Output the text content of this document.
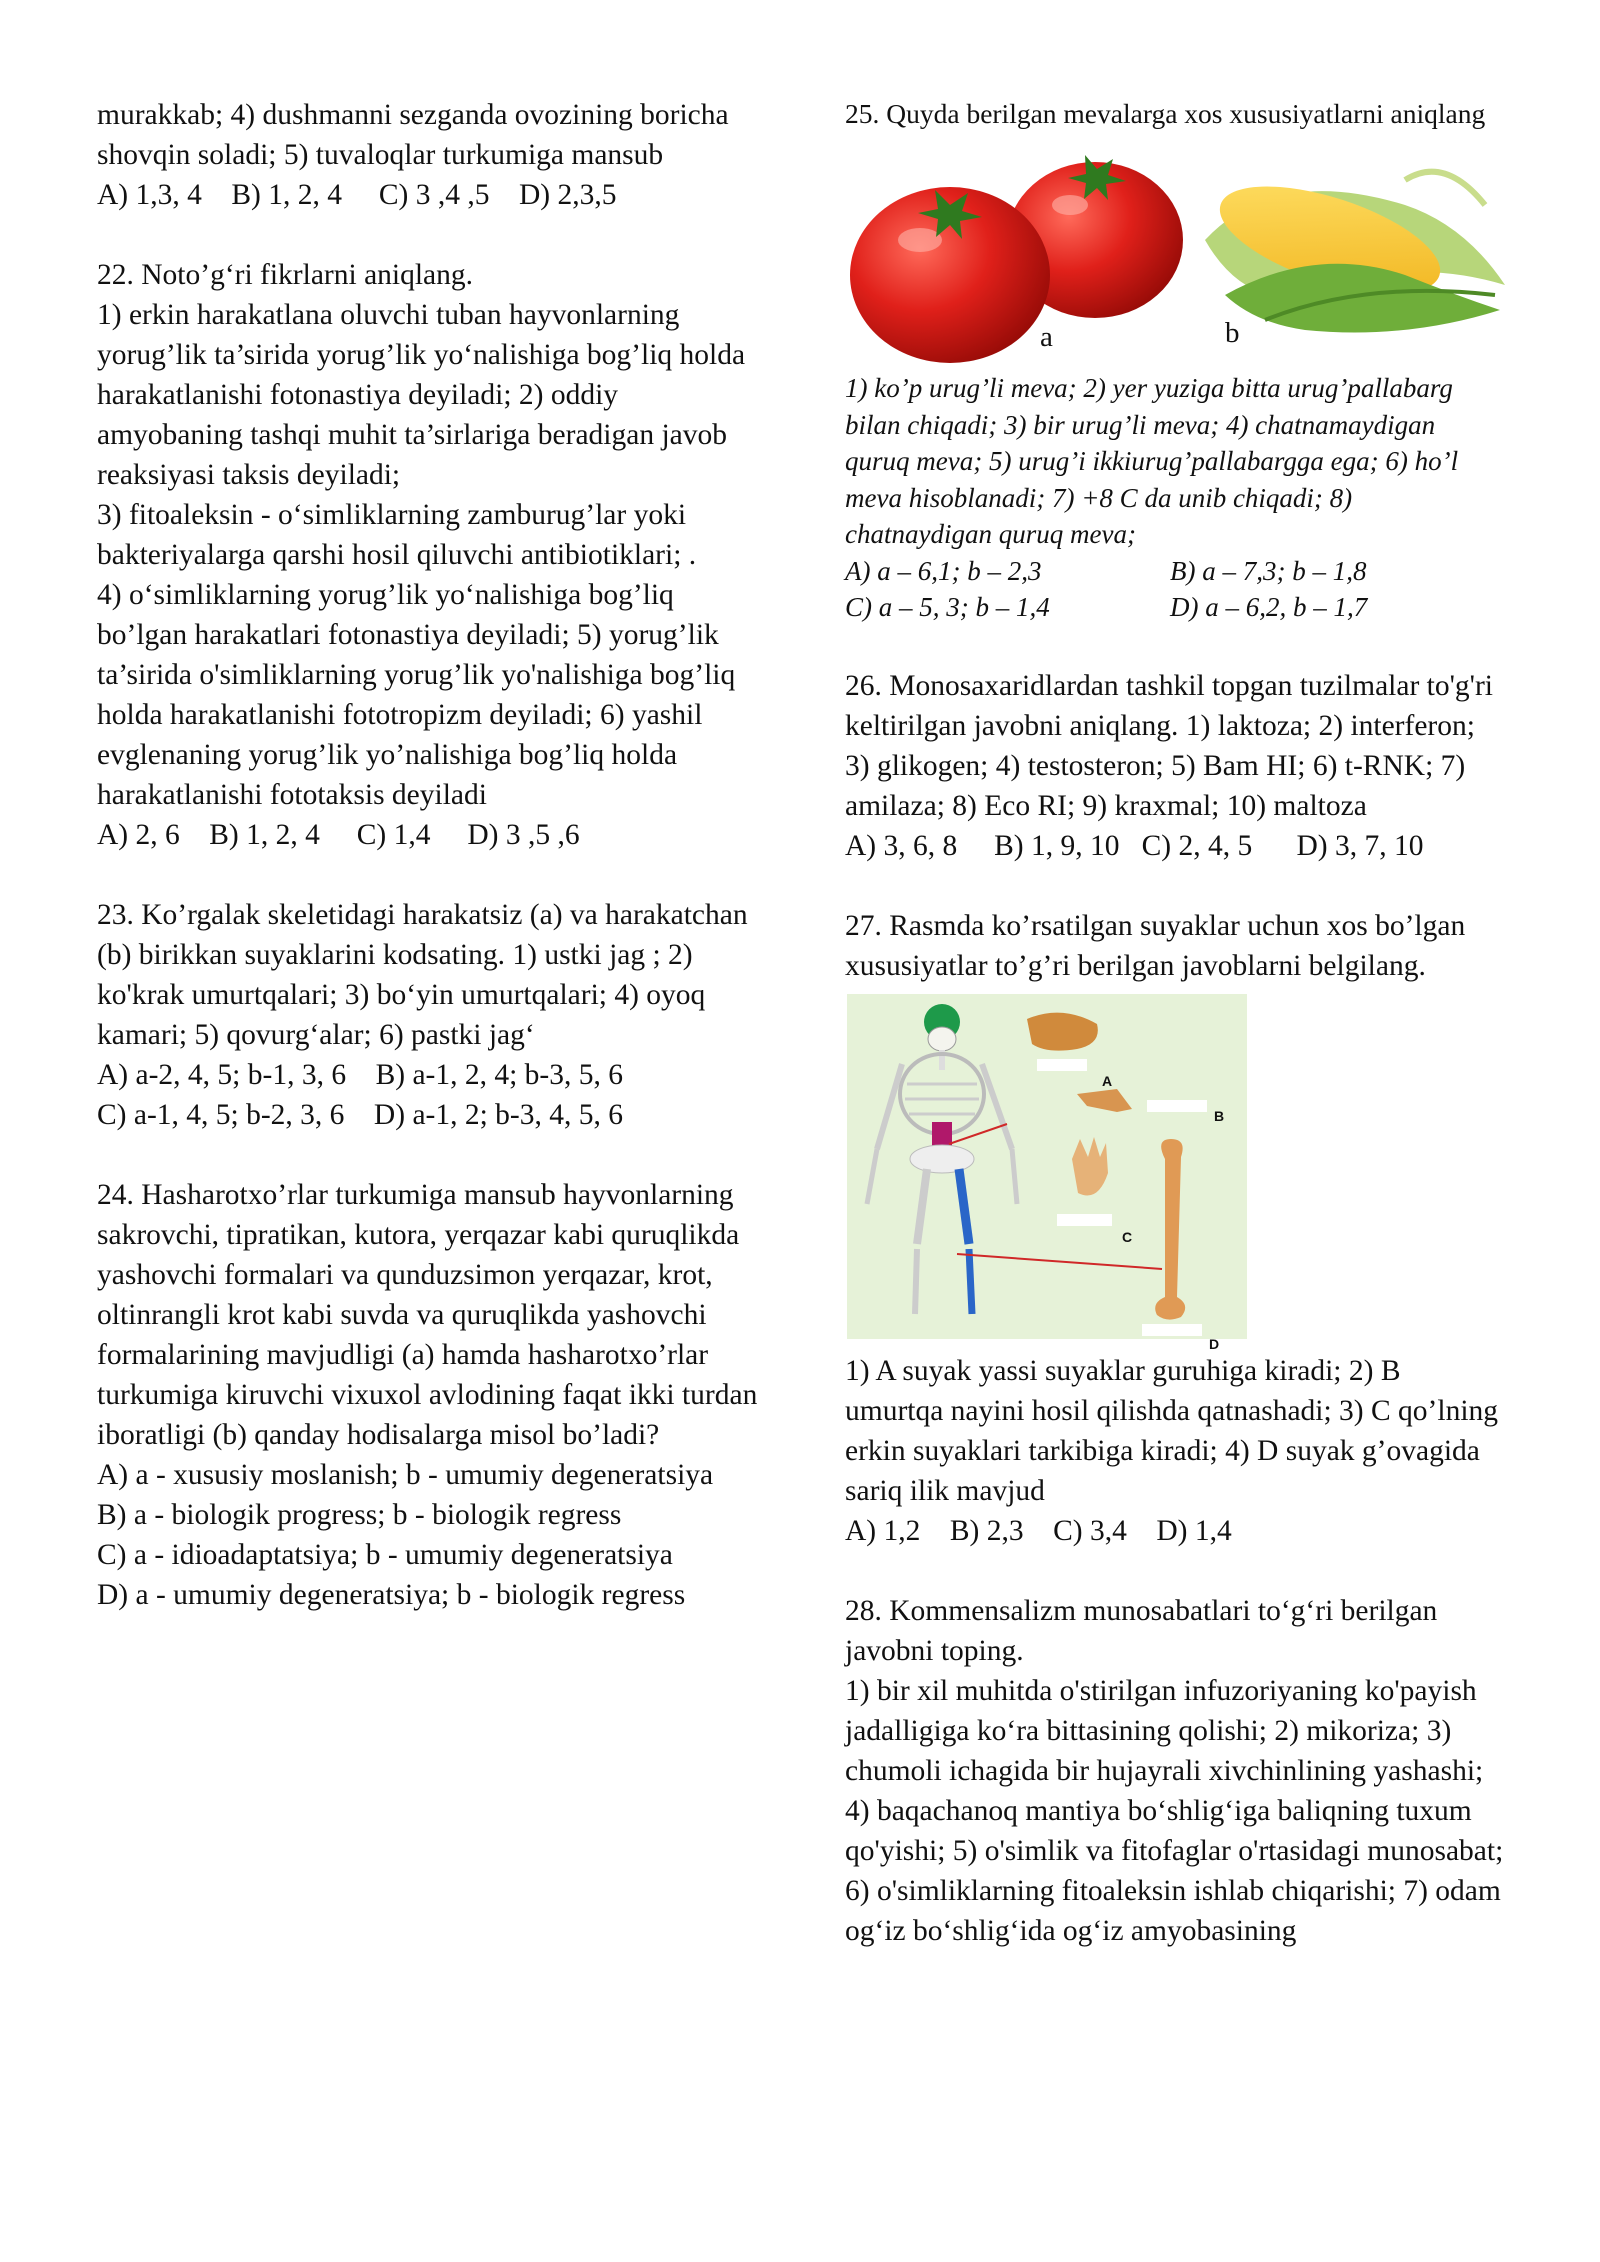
murakkab; 4) dushmanni sezganda ovozining boricha shovqin soladi; 5) tuvaloqlar turkumiga mansub
A) 1,3, 4    B) 1, 2, 4     C) 3 ,4 ,5    D) 2,3,5
22. Noto’g‘ri fikrlarni aniqlang.
1) erkin harakatlana oluvchi tuban hayvonlarning yorug’lik ta’sirida yorug’lik yo‘nalishiga bog’liq holda harakatlanishi fotonastiya deyiladi; 2) oddiy amyobaning tashqi muhit ta’sirlariga beradigan javob reaksiyasi taksis deyiladi;
3) fitoaleksin - o‘simliklarning zamburug’lar yoki bakteriyalarga qarshi hosil qiluvchi antibiotiklari; .
4) o‘simliklarning yorug’lik yo‘nalishiga bog’liq bo’lgan harakatlari fotonastiya deyiladi; 5) yorug’lik ta’sirida o'simliklarning yorug’lik yo'nalishiga bog’liq holda harakatlanishi fototropizm deyiladi; 6) yashil evglenaning yorug’lik yo’nalishiga bog’liq holda harakatlanishi fototaksis deyiladi
A) 2, 6    B) 1, 2, 4     C) 1,4     D) 3 ,5 ,6
23. Ko’rgalak skeletidagi harakatsiz (a) va harakatchan (b) birikkan suyaklarini kodsating. 1) ustki jag ; 2) ko'krak umurtqalari; 3) bo‘yin umurtqalari; 4) oyoq kamari; 5) qovurg‘alar; 6) pastki jag‘
A) a-2, 4, 5; b-1, 3, 6    B) a-1, 2, 4; b-3, 5, 6
C) a-1, 4, 5; b-2, 3, 6    D) a-1, 2; b-3, 4, 5, 6
24. Hasharotxo’rlar turkumiga mansub hayvonlarning sakrovchi, tipratikan, kutora, yerqazar kabi quruqlikda yashovchi formalari va qunduzsimon yerqazar, krot, oltinrangli krot kabi suvda va quruqlikda yashovchi formalarining mavjudligi (a) hamda hasharotxo’rlar turkumiga kiruvchi vixuxol avlodining faqat ikki turdan iboratligi (b) qanday hodisalarga misol bo’ladi?
A) a - xususiy moslanish; b - umumiy degeneratsiya
B) a - biologik progress; b - biologik regress
C) a - idioadaptatsiya; b - umumiy degeneratsiya
D) a - umumiy degeneratsiya; b - biologik regress
25. Quyda berilgan mevalarga xos xususiyatlarni aniqlang
a	b
1) ko’p urug’li meva; 2) yer yuziga bitta urug’pallabarg bilan chiqadi; 3) bir urug’li meva; 4) chatnamaydigan quruq meva; 5) urug’i ikkiurug’pallabargga ega; 6) ho’l meva hisoblanadi; 7) +8 C da unib chiqadi; 8) chatnaydigan quruq meva;
A) a – 6,1; b – 2,3	B) a – 7,3; b – 1,8
C) a – 5, 3; b – 1,4	D) a – 6,2, b – 1,7
26. Monosaxaridlardan tashkil topgan tuzilmalar to'g'ri keltirilgan javobni aniqlang. 1) laktoza; 2) interferon; 3) glikogen; 4) testosteron; 5) Bam HI; 6) t-RNK; 7) amilaza; 8) Eco RI; 9) kraxmal; 10) maltoza
A) 3, 6, 8     B) 1, 9, 10   C) 2, 4, 5      D) 3, 7, 10
27. Rasmda ko’rsatilgan suyaklar uchun xos bo’lgan xususiyatlar to’g’ri berilgan javoblarni belgilang.
A
B
C
D
1) A suyak yassi suyaklar guruhiga kiradi; 2) B umurtqa nayini hosil qilishda qatnashadi; 3) C qo’lning erkin suyaklari tarkibiga kiradi; 4) D suyak g’ovagida sariq ilik mavjud
A) 1,2    B) 2,3    C) 3,4    D) 1,4
28. Kommensalizm munosabatlari to‘g‘ri berilgan javobni toping.
1) bir xil muhitda o'stirilgan infuzoriyaning ko'payish jadalligiga ko‘ra bittasining qolishi; 2) mikoriza; 3) chumoli ichagida bir hujayrali xivchinlining yashashi; 4) baqachanoq mantiya bo‘shlig‘iga baliqning tuxum qo'yishi; 5) o'simlik va fitofaglar o'rtasidagi munosabat; 6) o'simliklarning fitoaleksin ishlab chiqarishi; 7) odam og‘iz bo‘shlig‘ida og‘iz amyobasining
